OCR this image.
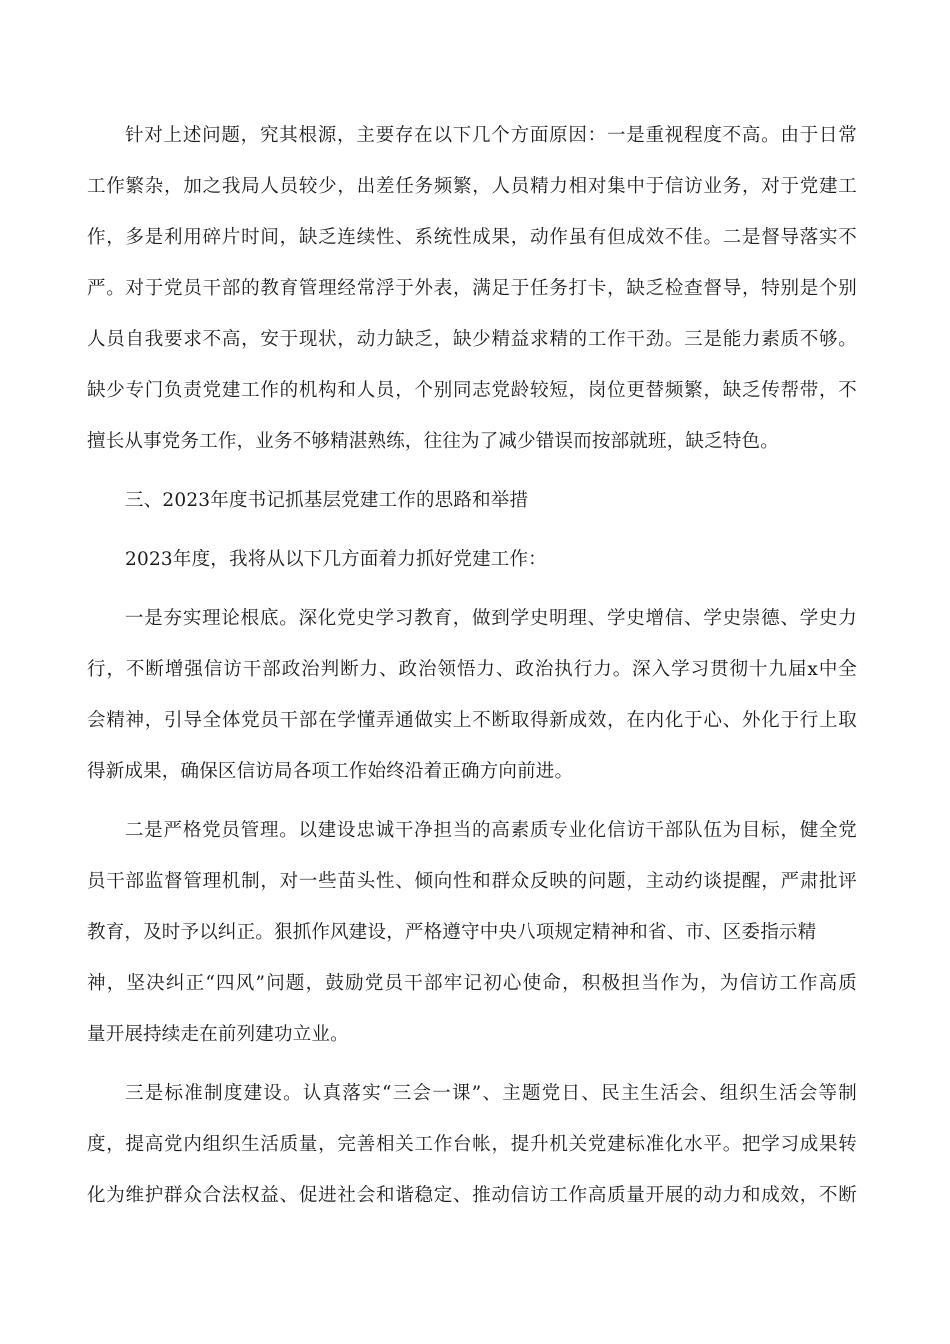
针对上述问题，究其根源，主要存在以下几个方面原因：一是重视程度不高。由于日常
工作繁杂，加之我局人员较少，出差任务频繁，人员精力相对集中于信访业务，对于党建工
作，多是利用碎片时间，缺乏连续性、系统性成果，动作虽有但成效不佳。二是督导落实不
严。对于党员干部的教育管理经常浮于外表，满足于任务打卡，缺乏检查督导，特别是个别
人员自我要求不高，安于现状，动力缺乏，缺少精益求精的工作干劲。三是能力素质不够。
缺少专门负责党建工作的机构和人员，个别同志党龄较短，岗位更替频繁，缺乏传帮带，不
擅长从事党务工作，业务不够精湛熟练，往往为了减少错误而按部就班，缺乏特色。
三、2023年度书记抓基层党建工作的思路和举措
2023年度，我将从以下几方面着力抓好党建工作：
一是夯实理论根底。深化党史学习教育，做到学史明理、学史增信、学史崇德、学史力
行，不断增强信访干部政治判断力、政治领悟力、政治执行力。深入学习贯彻十九届x中全
会精神，引导全体党员干部在学懂弄通做实上不断取得新成效，在内化于心、外化于行上取
得新成果，确保区信访局各项工作始终沿着正确方向前进。
二是严格党员管理。以建设忠诚干净担当的高素质专业化信访干部队伍为目标，健全党
员干部监督管理机制，对一些苗头性、倾向性和群众反映的问题，主动约谈提醒，严肃批评
教育，及时予以纠正。狠抓作风建设，严格遵守中央八项规定精神和省、市、区委指示精
神，坚决纠正“四风”问题，鼓励党员干部牢记初心使命，积极担当作为，为信访工作高质
量开展持续走在前列建功立业。
三是标准制度建设。认真落实“三会一课”、主题党日、民主生活会、组织生活会等制
度，提高党内组织生活质量，完善相关工作台帐，提升机关党建标准化水平。把学习成果转
化为维护群众合法权益、促进社会和谐稳定、推动信访工作高质量开展的动力和成效，不断
